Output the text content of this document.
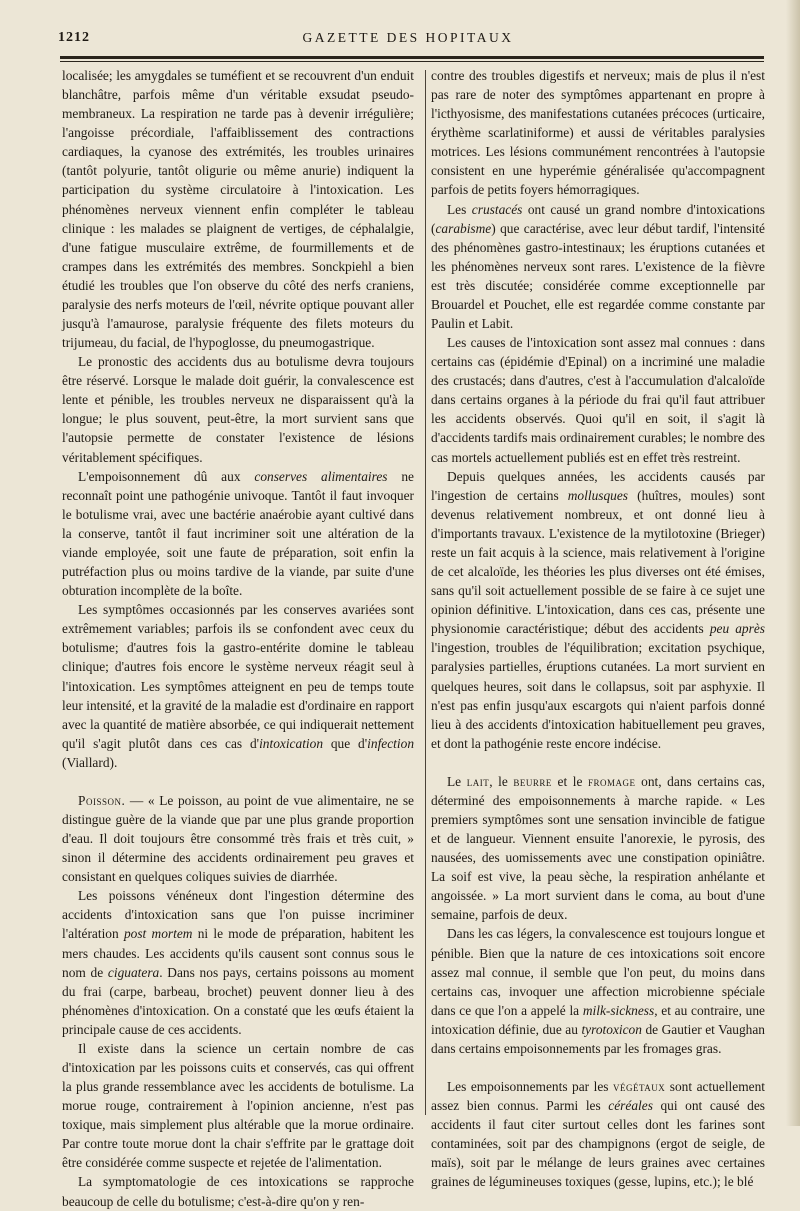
1212	GAZETTE DES HOPITAUX

localisée; les amygdales se tuméfient et se recouvrent d'un enduit blanchâtre, parfois même d'un véritable exsudat pseudo-membraneux. La respiration ne tarde pas à devenir irrégulière; l'angoisse précordiale, l'affaiblissement des contractions cardiaques, la cyanose des extrémités, les troubles urinaires (tantôt polyurie, tantôt oligurie ou même anurie) indiquent la participation du système circulatoire à l'intoxication. Les phénomènes nerveux viennent enfin compléter le tableau clinique : les malades se plaignent de vertiges, de céphalalgie, d'une fatigue musculaire extrême, de fourmillements et de crampes dans les extrémités des membres. Sonckpiehl a bien étudié les troubles que l'on observe du côté des nerfs craniens, paralysie des nerfs moteurs de l'œil, névrite optique pouvant aller jusqu'à l'amaurose, paralysie fréquente des filets moteurs du trijumeau, du facial, de l'hypoglosse, du pneumogastrique.

Le pronostic des accidents dus au botulisme devra toujours être réservé. Lorsque le malade doit guérir, la convalescence est lente et pénible, les troubles nerveux ne disparaissent qu'à la longue; le plus souvent, peut-être, la mort survient sans que l'autopsie permette de constater l'existence de lésions véritablement spécifiques.

L'empoisonnement dû aux conserves alimentaires ne reconnaît point une pathogénie univoque. Tantôt il faut invoquer le botulisme vrai, avec une bactérie anaérobie ayant cultivé dans la conserve, tantôt il faut incriminer soit une altération de la viande employée, soit une faute de préparation, soit enfin la putréfaction plus ou moins tardive de la viande, par suite d'une obturation incomplète de la boîte.

Les symptômes occasionnés par les conserves avariées sont extrêmement variables; parfois ils se confondent avec ceux du botulisme; d'autres fois la gastro-entérite domine le tableau clinique; d'autres fois encore le système nerveux réagit seul à l'intoxication. Les symptômes atteignent en peu de temps toute leur intensité, et la gravité de la maladie est d'ordinaire en rapport avec la quantité de matière absorbée, ce qui indiquerait nettement qu'il s'agit plutôt dans ces cas d'intoxication que d'infection (Viallard).

Poisson. — « Le poisson, au point de vue alimentaire, ne se distingue guère de la viande que par une plus grande proportion d'eau. Il doit toujours être consommé très frais et très cuit, » sinon il détermine des accidents ordinairement peu graves et consistant en quelques coliques suivies de diarrhée.

Les poissons vénéneux dont l'ingestion détermine des accidents d'intoxication sans que l'on puisse incriminer l'altération post mortem ni le mode de préparation, habitent les mers chaudes. Les accidents qu'ils causent sont connus sous le nom de ciguatera. Dans nos pays, certains poissons au moment du frai (carpe, barbeau, brochet) peuvent donner lieu à des phénomènes d'intoxication. On a constaté que les œufs étaient la principale cause de ces accidents.

Il existe dans la science un certain nombre de cas d'intoxication par les poissons cuits et conservés, cas qui offrent la plus grande ressemblance avec les accidents de botulisme. La morue rouge, contrairement à l'opinion ancienne, n'est pas toxique, mais simplement plus altérable que la morue ordinaire. Par contre toute morue dont la chair s'effrite par le grattage doit être considérée comme suspecte et rejetée de l'alimentation.

La symptomatologie de ces intoxications se rapproche beaucoup de celle du botulisme; c'est-à-dire qu'on y ren-

contre des troubles digestifs et nerveux; mais de plus il n'est pas rare de noter des symptômes appartenant en propre à l'icthyosisme, des manifestations cutanées précoces (urticaire, érythème scarlatiniforme) et aussi de véritables paralysies motrices. Les lésions communément rencontrées à l'autopsie consistent en une hyperémie généralisée qu'accompagnent parfois de petits foyers hémorragiques.

Les crustacés ont causé un grand nombre d'intoxications (carabisme) que caractérise, avec leur début tardif, l'intensité des phénomènes gastro-intestinaux; les éruptions cutanées et les phénomènes nerveux sont rares. L'existence de la fièvre est très discutée; considérée comme exceptionnelle par Brouardel et Pouchet, elle est regardée comme constante par Paulin et Labit.

Les causes de l'intoxication sont assez mal connues : dans certains cas (épidémie d'Epinal) on a incriminé une maladie des crustacés; dans d'autres, c'est à l'accumulation d'alcaloïde dans certains organes à la période du frai qu'il faut attribuer les accidents observés. Quoi qu'il en soit, il s'agit là d'accidents tardifs mais ordinairement curables; le nombre des cas mortels actuellement publiés est en effet très restreint.

Depuis quelques années, les accidents causés par l'ingestion de certains mollusques (huîtres, moules) sont devenus relativement nombreux, et ont donné lieu à d'importants travaux. L'existence de la mytilotoxine (Brieger) reste un fait acquis à la science, mais relativement à l'origine de cet alcaloïde, les théories les plus diverses ont été émises, sans qu'il soit actuellement possible de se faire à ce sujet une opinion définitive. L'intoxication, dans ces cas, présente une physionomie caractéristique; début des accidents peu après l'ingestion, troubles de l'équilibration; excitation psychique, paralysies partielles, éruptions cutanées. La mort survient en quelques heures, soit dans le collapsus, soit par asphyxie. Il n'est pas enfin jusqu'aux escargots qui n'aient parfois donné lieu à des accidents d'intoxication habituellement peu graves, et dont la pathogénie reste encore indécise.

Le lait, le beurre et le fromage ont, dans certains cas, déterminé des empoisonnements à marche rapide. « Les premiers symptômes sont une sensation invincible de fatigue et de langueur. Viennent ensuite l'anorexie, le pyrosis, des nausées, des uomissements avec une constipation opiniâtre. La soif est vive, la peau sèche, la respiration anhélante et angoissée. » La mort survient dans le coma, au bout d'une semaine, parfois de deux.

Dans les cas légers, la convalescence est toujours longue et pénible. Bien que la nature de ces intoxications soit encore assez mal connue, il semble que l'on peut, du moins dans certains cas, invoquer une affection microbienne spéciale dans ce que l'on a appelé la milk-sickness, et au contraire, une intoxication définie, due au tyrotoxicon de Gautier et Vaughan dans certains empoisonnements par les fromages gras.

Les empoisonnements par les végétaux sont actuellement assez bien connus. Parmi les céréales qui ont causé des accidents il faut citer surtout celles dont les farines sont contaminées, soit par des champignons (ergot de seigle, de maïs), soit par le mélange de leurs graines avec certaines graines de légumineuses toxiques (gesse, lupins, etc.); le blé
